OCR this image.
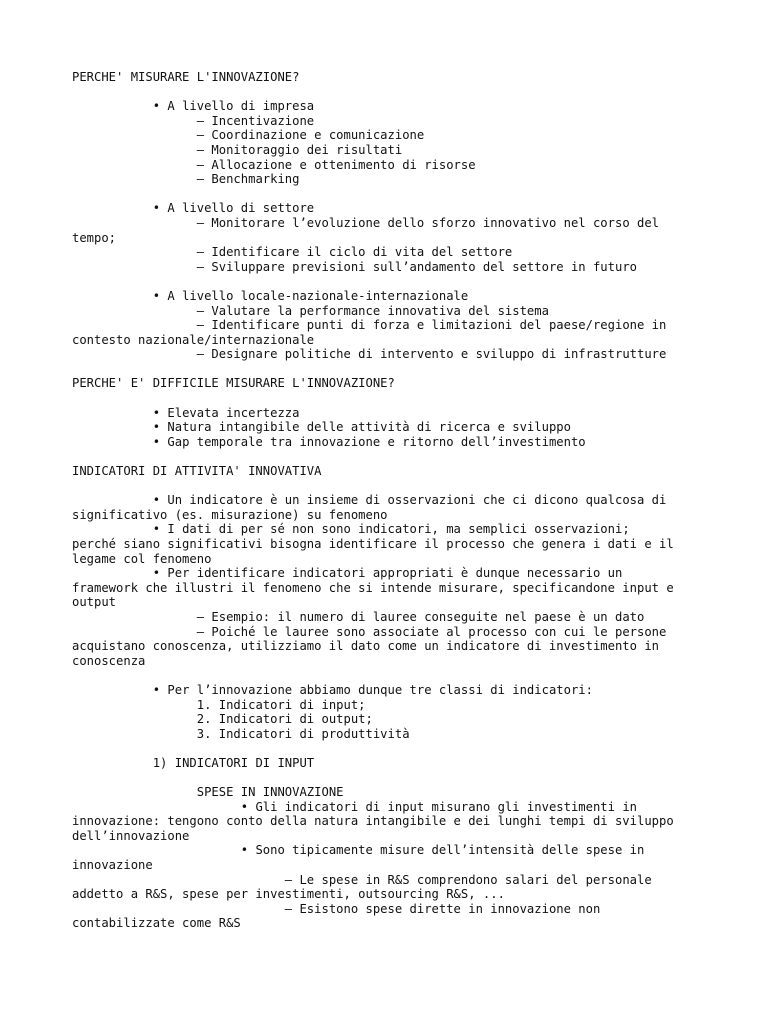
PERCHE' MISURARE L'INNOVAZIONE?
• A livello di impresa
– Incentivazione
– Coordinazione e comunicazione
– Monitoraggio dei risultati
– Allocazione e ottenimento di risorse
– Benchmarking
• A livello di settore
– Monitorare l’evoluzione dello sforzo innovativo nel corso del
tempo;
– Identificare il ciclo di vita del settore
– Sviluppare previsioni sull’andamento del settore in futuro
• A livello locale-nazionale-internazionale
– Valutare la performance innovativa del sistema
– Identificare punti di forza e limitazioni del paese/regione in
contesto nazionale/internazionale
– Designare politiche di intervento e sviluppo di infrastrutture
PERCHE' E' DIFFICILE MISURARE L'INNOVAZIONE?
• Elevata incertezza
• Natura intangibile delle attività di ricerca e sviluppo
• Gap temporale tra innovazione e ritorno dell’investimento
INDICATORI DI ATTIVITA' INNOVATIVA
• Un indicatore è un insieme di osservazioni che ci dicono qualcosa di
significativo (es. misurazione) su fenomeno
• I dati di per sé non sono indicatori, ma semplici osservazioni;
perché siano significativi bisogna identificare il processo che genera i dati e il
legame col fenomeno
• Per identificare indicatori appropriati è dunque necessario un
framework che illustri il fenomeno che si intende misurare, specificandone input e
output
– Esempio: il numero di lauree conseguite nel paese è un dato
– Poiché le lauree sono associate al processo con cui le persone
acquistano conoscenza, utilizziamo il dato come un indicatore di investimento in
conoscenza
• Per l’innovazione abbiamo dunque tre classi di indicatori:
1. Indicatori di input;
2. Indicatori di output;
3. Indicatori di produttività
1) INDICATORI DI INPUT
SPESE IN INNOVAZIONE
• Gli indicatori di input misurano gli investimenti in
innovazione: tengono conto della natura intangibile e dei lunghi tempi di sviluppo
dell’innovazione
• Sono tipicamente misure dell’intensità delle spese in
innovazione
– Le spese in R&S comprendono salari del personale
addetto a R&S, spese per investimenti, outsourcing R&S, ...
– Esistono spese dirette in innovazione non
contabilizzate come R&S
